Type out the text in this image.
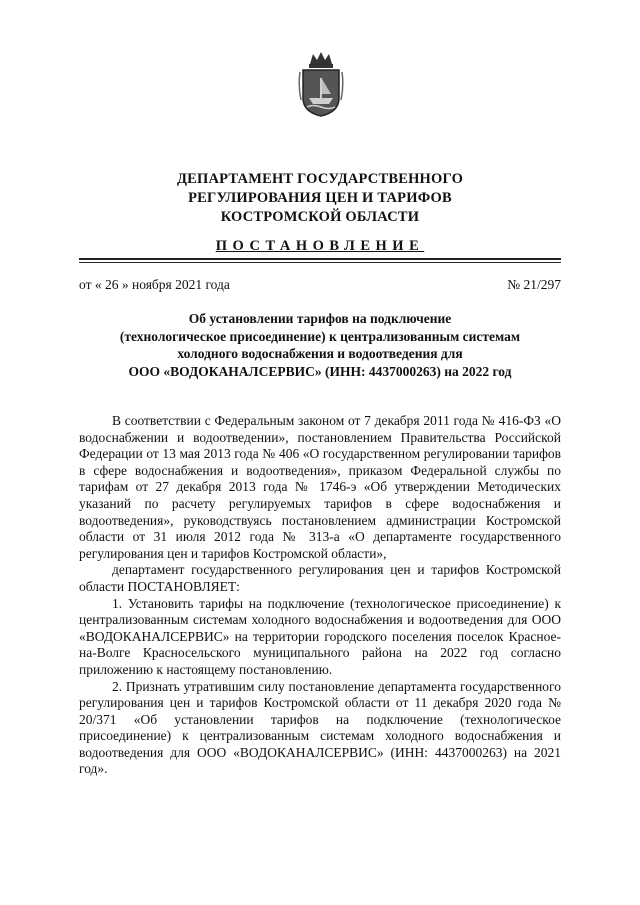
ДЕПАРТАМЕНТ ГОСУДАРСТВЕННОГО
РЕГУЛИРОВАНИЯ ЦЕН И ТАРИФОВ
КОСТРОМСКОЙ ОБЛАСТИ
ПОСТАНОВЛЕНИЕ
от « 26 » ноября 2021 года	№ 21/297
Об установлении тарифов на подключение
(технологическое присоединение) к централизованным системам
холодного водоснабжения и водоотведения для
ООО «ВОДОКАНАЛСЕРВИС» (ИНН: 4437000263) на 2022 год

В соответствии с Федеральным законом от 7 декабря 2011 года № 416-ФЗ «О водоснабжении и водоотведении», постановлением Правительства Российской Федерации от 13 мая 2013 года № 406 «О государственном регулировании тарифов в сфере водоснабжения и водоотведения», приказом Федеральной службы по тарифам от 27 декабря 2013 года № 1746-э «Об утверждении Методических указаний по расчету регулируемых тарифов в сфере водоснабжения и водоотведения», руководствуясь постановлением администрации Костромской области от 31 июля 2012 года № 313-а «О департаменте государственного регулирования цен и тарифов Костромской области»,

департамент государственного регулирования цен и тарифов Костромской области ПОСТАНОВЛЯЕТ:

1. Установить тарифы на подключение (технологическое присоединение) к централизованным системам холодного водоснабжения и водоотведения для ООО «ВОДОКАНАЛСЕРВИС» на территории городского поселения поселок Красное-на-Волге Красносельского муниципального района на 2022 год согласно приложению к настоящему постановлению.

2. Признать утратившим силу постановление департамента государственного регулирования цен и тарифов Костромской области от 11 декабря 2020 года № 20/371 «Об установлении тарифов на подключение (технологическое присоединение) к централизованным системам холодного водоснабжения и водоотведения для ООО «ВОДОКАНАЛСЕРВИС» (ИНН: 4437000263) на 2021 год».
